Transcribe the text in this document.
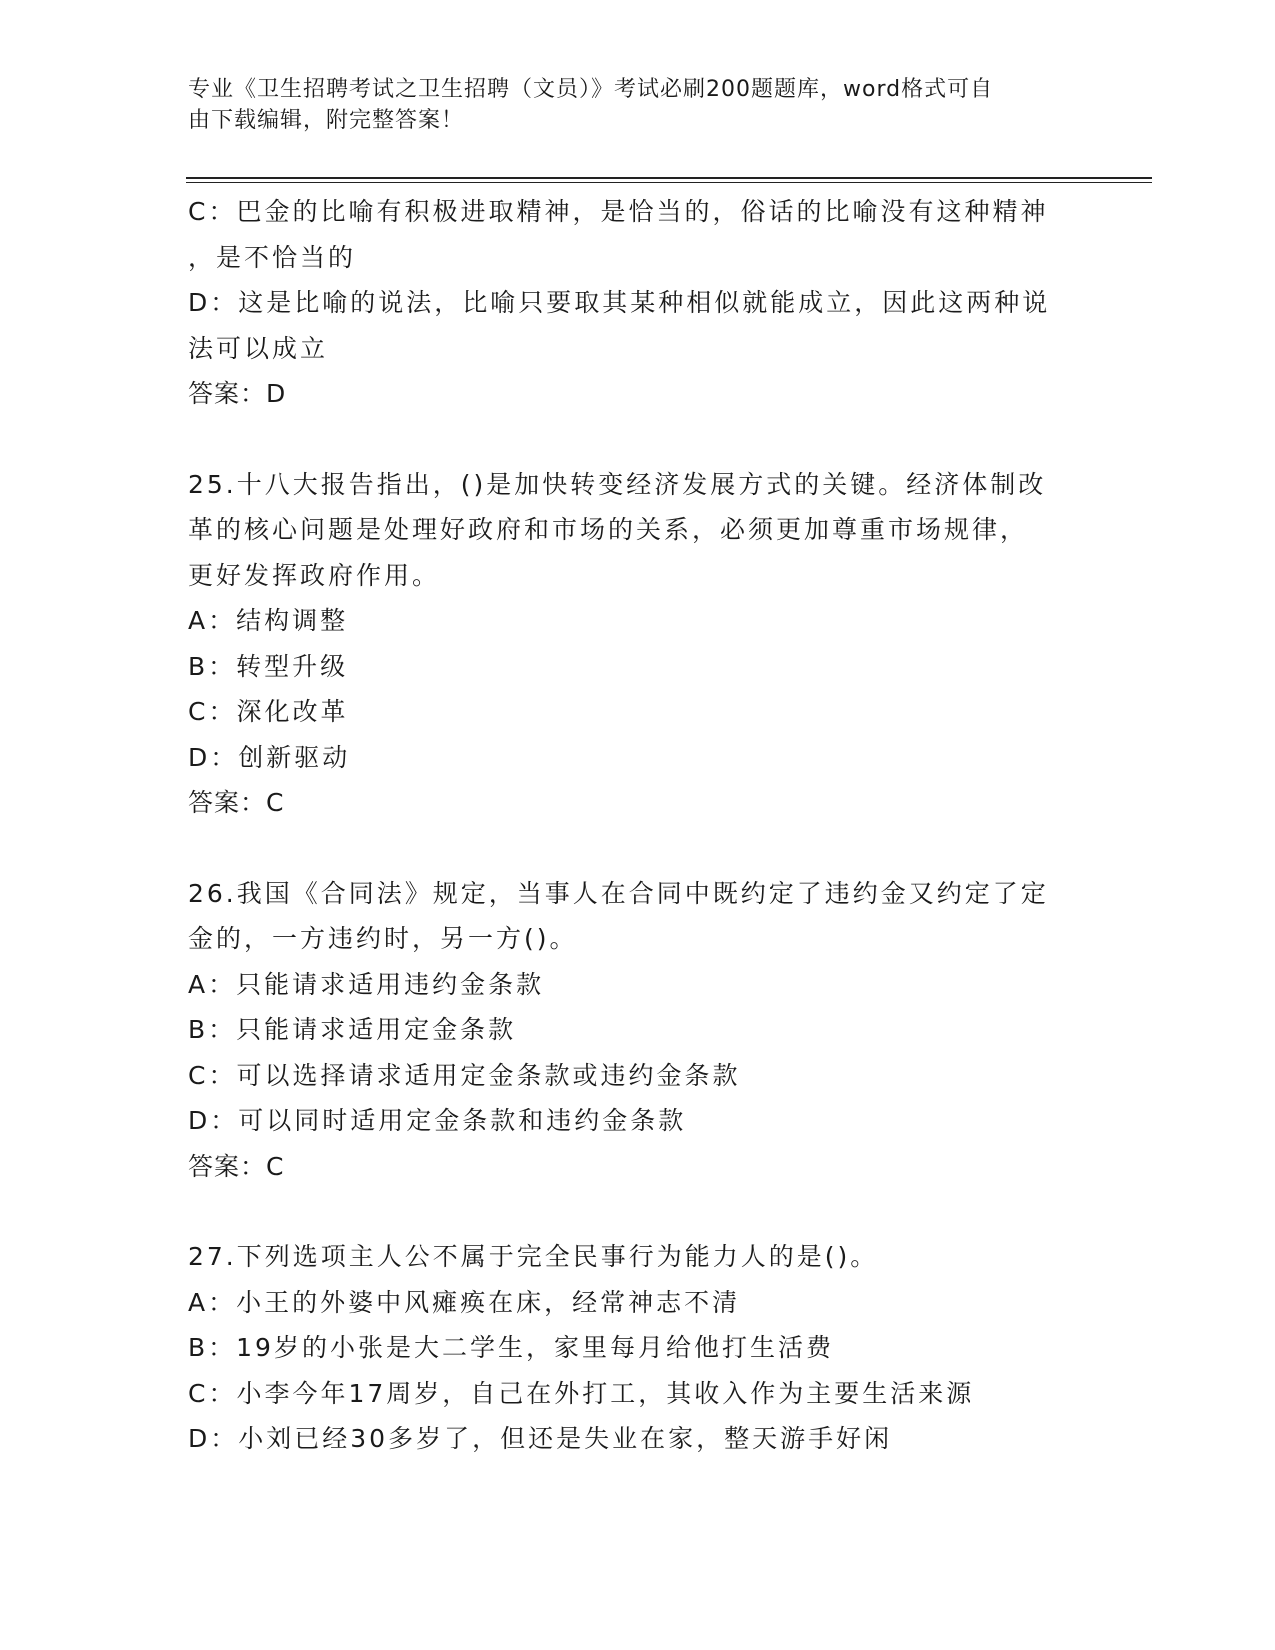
专业《卫生招聘考试之卫生招聘（文员）》考试必刷200题题库，word格式可自
由下载编辑，附完整答案！
C：巴金的比喻有积极进取精神，是恰当的，俗话的比喻没有这种精神
，是不恰当的
D：这是比喻的说法，比喻只要取其某种相似就能成立，因此这两种说
法可以成立
答案：D
25.十八大报告指出，()是加快转变经济发展方式的关键。经济体制改
革的核心问题是处理好政府和市场的关系，必须更加尊重市场规律，
更好发挥政府作用。
A：结构调整
B：转型升级
C：深化改革
D：创新驱动
答案：C
26.我国《合同法》规定，当事人在合同中既约定了违约金又约定了定
金的，一方违约时，另一方()。
A：只能请求适用违约金条款
B：只能请求适用定金条款
C：可以选择请求适用定金条款或违约金条款
D：可以同时适用定金条款和违约金条款
答案：C
27.下列选项主人公不属于完全民事行为能力人的是()。
A：小王的外婆中风瘫痪在床，经常神志不清
B：19岁的小张是大二学生，家里每月给他打生活费
C：小李今年17周岁，自己在外打工，其收入作为主要生活来源
D：小刘已经30多岁了，但还是失业在家，整天游手好闲
